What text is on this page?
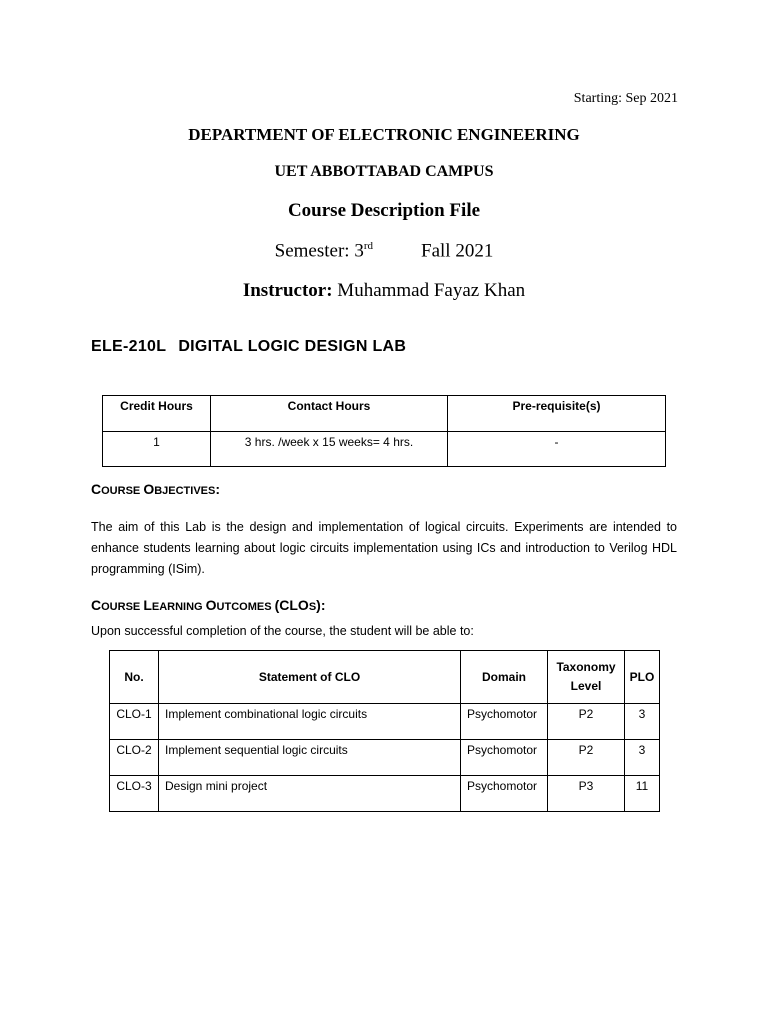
Starting: Sep 2021
DEPARTMENT OF ELECTRONIC ENGINEERING
UET ABBOTTABAD CAMPUS
Course Description File
Semester: 3rd	Fall 2021
Instructor: Muhammad Fayaz Khan
ELE-210L DIGITAL LOGIC DESIGN LAB
Credit Hours	Contact Hours	Pre-requisite(s)
1	3 hrs. /week x 15 weeks= 4 hrs.	-
COURSE OBJECTIVES:
The aim of this Lab is the design and implementation of logical circuits. Experiments are intended to enhance students learning about logic circuits implementation using ICs and introduction to Verilog HDL programming (ISim).
COURSE LEARNING OUTCOMES (CLOS):
Upon successful completion of the course, the student will be able to:
No.	Statement of CLO	Domain	Taxonomy Level	PLO
CLO-1	Implement combinational logic circuits	Psychomotor	P2	3
CLO-2	Implement sequential logic circuits	Psychomotor	P2	3
CLO-3	Design mini project	Psychomotor	P3	11
